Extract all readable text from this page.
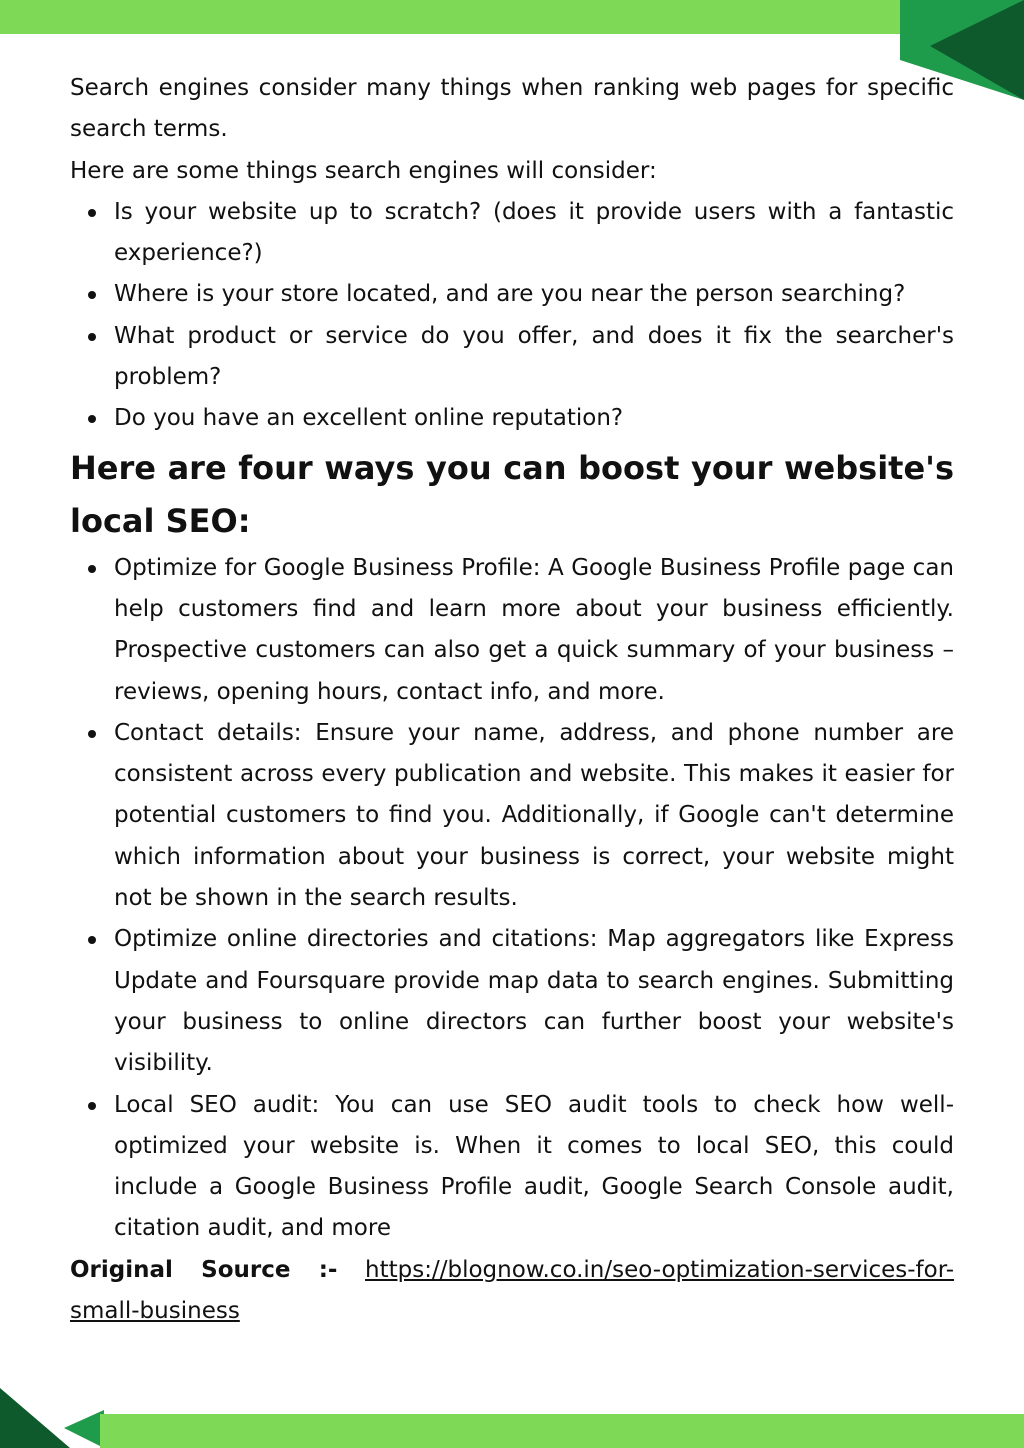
Search engines consider many things when ranking web pages for specific search terms.

Here are some things search engines will consider:

Is your website up to scratch? (does it provide users with a fantastic experience?)
Where is your store located, and are you near the person searching?
What product or service do you offer, and does it fix the searcher's problem?
Do you have an excellent online reputation?
Here are four ways you can boost your website's local SEO:
Optimize for Google Business Profile: A Google Business Profile page can help customers find and learn more about your business efficiently. Prospective customers can also get a quick summary of your business – reviews, opening hours, contact info, and more.
Contact details: Ensure your name, address, and phone number are consistent across every publication and website. This makes it easier for potential customers to find you. Additionally, if Google can't determine which information about your business is correct, your website might not be shown in the search results.
Optimize online directories and citations: Map aggregators like Express Update and Foursquare provide map data to search engines. Submitting your business to online directors can further boost your website's visibility.
Local SEO audit: You can use SEO audit tools to check how well-optimized your website is. When it comes to local SEO, this could include a Google Business Profile audit, Google Search Console audit, citation audit, and more

Original Source :- https://blognow.co.in/seo-optimization-services-for-small-business
